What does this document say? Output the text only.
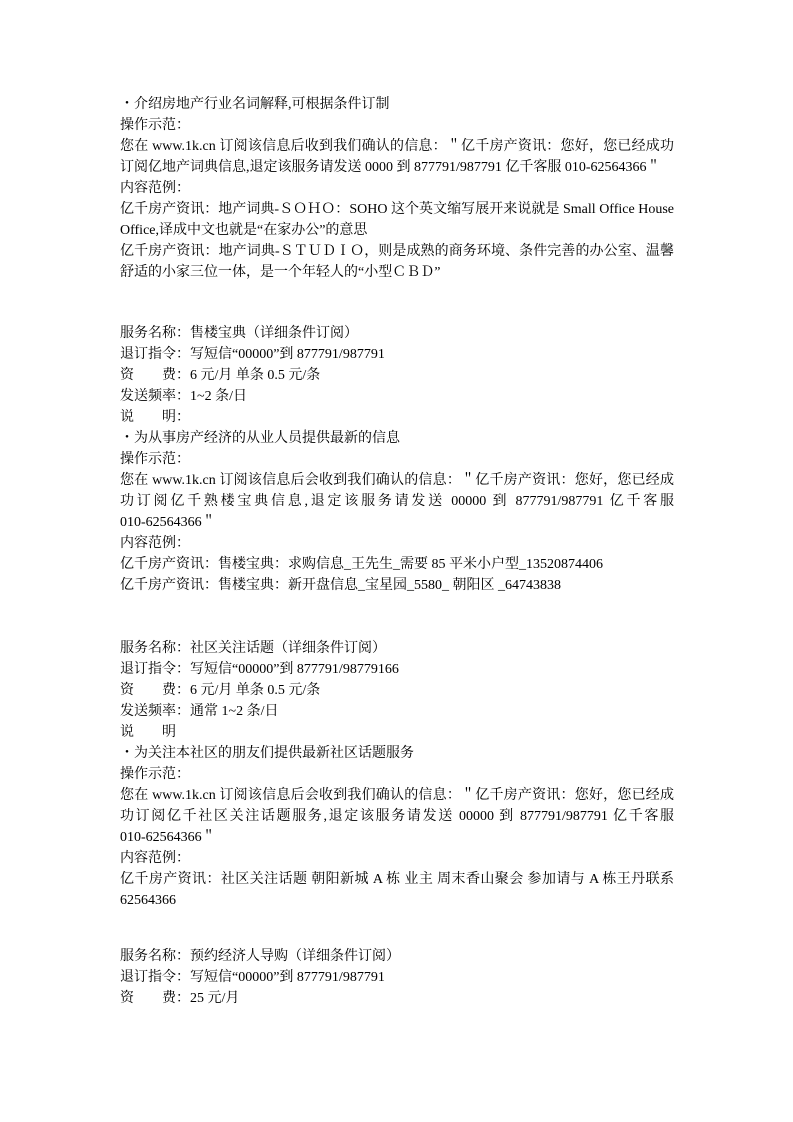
・介绍房地产行业名词解释,可根据条件订制
操作示范：
您在 www.1k.cn 订阅该信息后收到我们确认的信息：＂亿千房产资讯：您好，您已经成功
订阅亿地产词典信息,退定该服务请发送 0000 到 877791/987791 亿千客服 010-62564366＂
内容范例：
亿千房产资讯：地产词典-ＳＯＨＯ：SOHO 这个英文缩写展开来说就是 Small Office House
Office,译成中文也就是“在家办公”的意思
亿千房产资讯：地产词典-ＳＴＵＤＩＯ，则是成熟的商务环境、条件完善的办公室、温馨
舒适的小家三位一体，是一个年轻人的“小型ＣＢＤ”
服务名称：售楼宝典（详细条件订阅）
退订指令：写短信“00000”到 877791/987791
资　　费：6 元/月 单条 0.5 元/条
发送频率：1~2 条/日
说　　明：
・为从事房产经济的从业人员提供最新的信息
操作示范：
您在 www.1k.cn 订阅该信息后会收到我们确认的信息：＂亿千房产资讯：您好，您已经成
功订阅亿千熟楼宝典信息,退定该服务请发送 00000 到 877791/987791 亿千客服
010-62564366＂
内容范例：
亿千房产资讯：售楼宝典：求购信息_王先生_需要 85 平米小户型_13520874406
亿千房产资讯：售楼宝典：新开盘信息_宝星园_5580_ 朝阳区 _64743838
服务名称：社区关注话题（详细条件订阅）
退订指令：写短信“00000”到 877791/98779166
资　　费：6 元/月 单条 0.5 元/条
发送频率：通常 1~2 条/日
说　　明
・为关注本社区的朋友们提供最新社区话题服务
操作示范：
您在 www.1k.cn 订阅该信息后会收到我们确认的信息：＂亿千房产资讯：您好，您已经成
功订阅亿千社区关注话题服务,退定该服务请发送 00000 到 877791/987791 亿千客服
010-62564366＂
内容范例：
亿千房产资讯：社区关注话题 朝阳新城 A 栋 业主 周末香山聚会 参加请与 A 栋王丹联系
62564366
服务名称：预约经济人导购（详细条件订阅）
退订指令：写短信“00000”到 877791/987791
资　　费：25 元/月
